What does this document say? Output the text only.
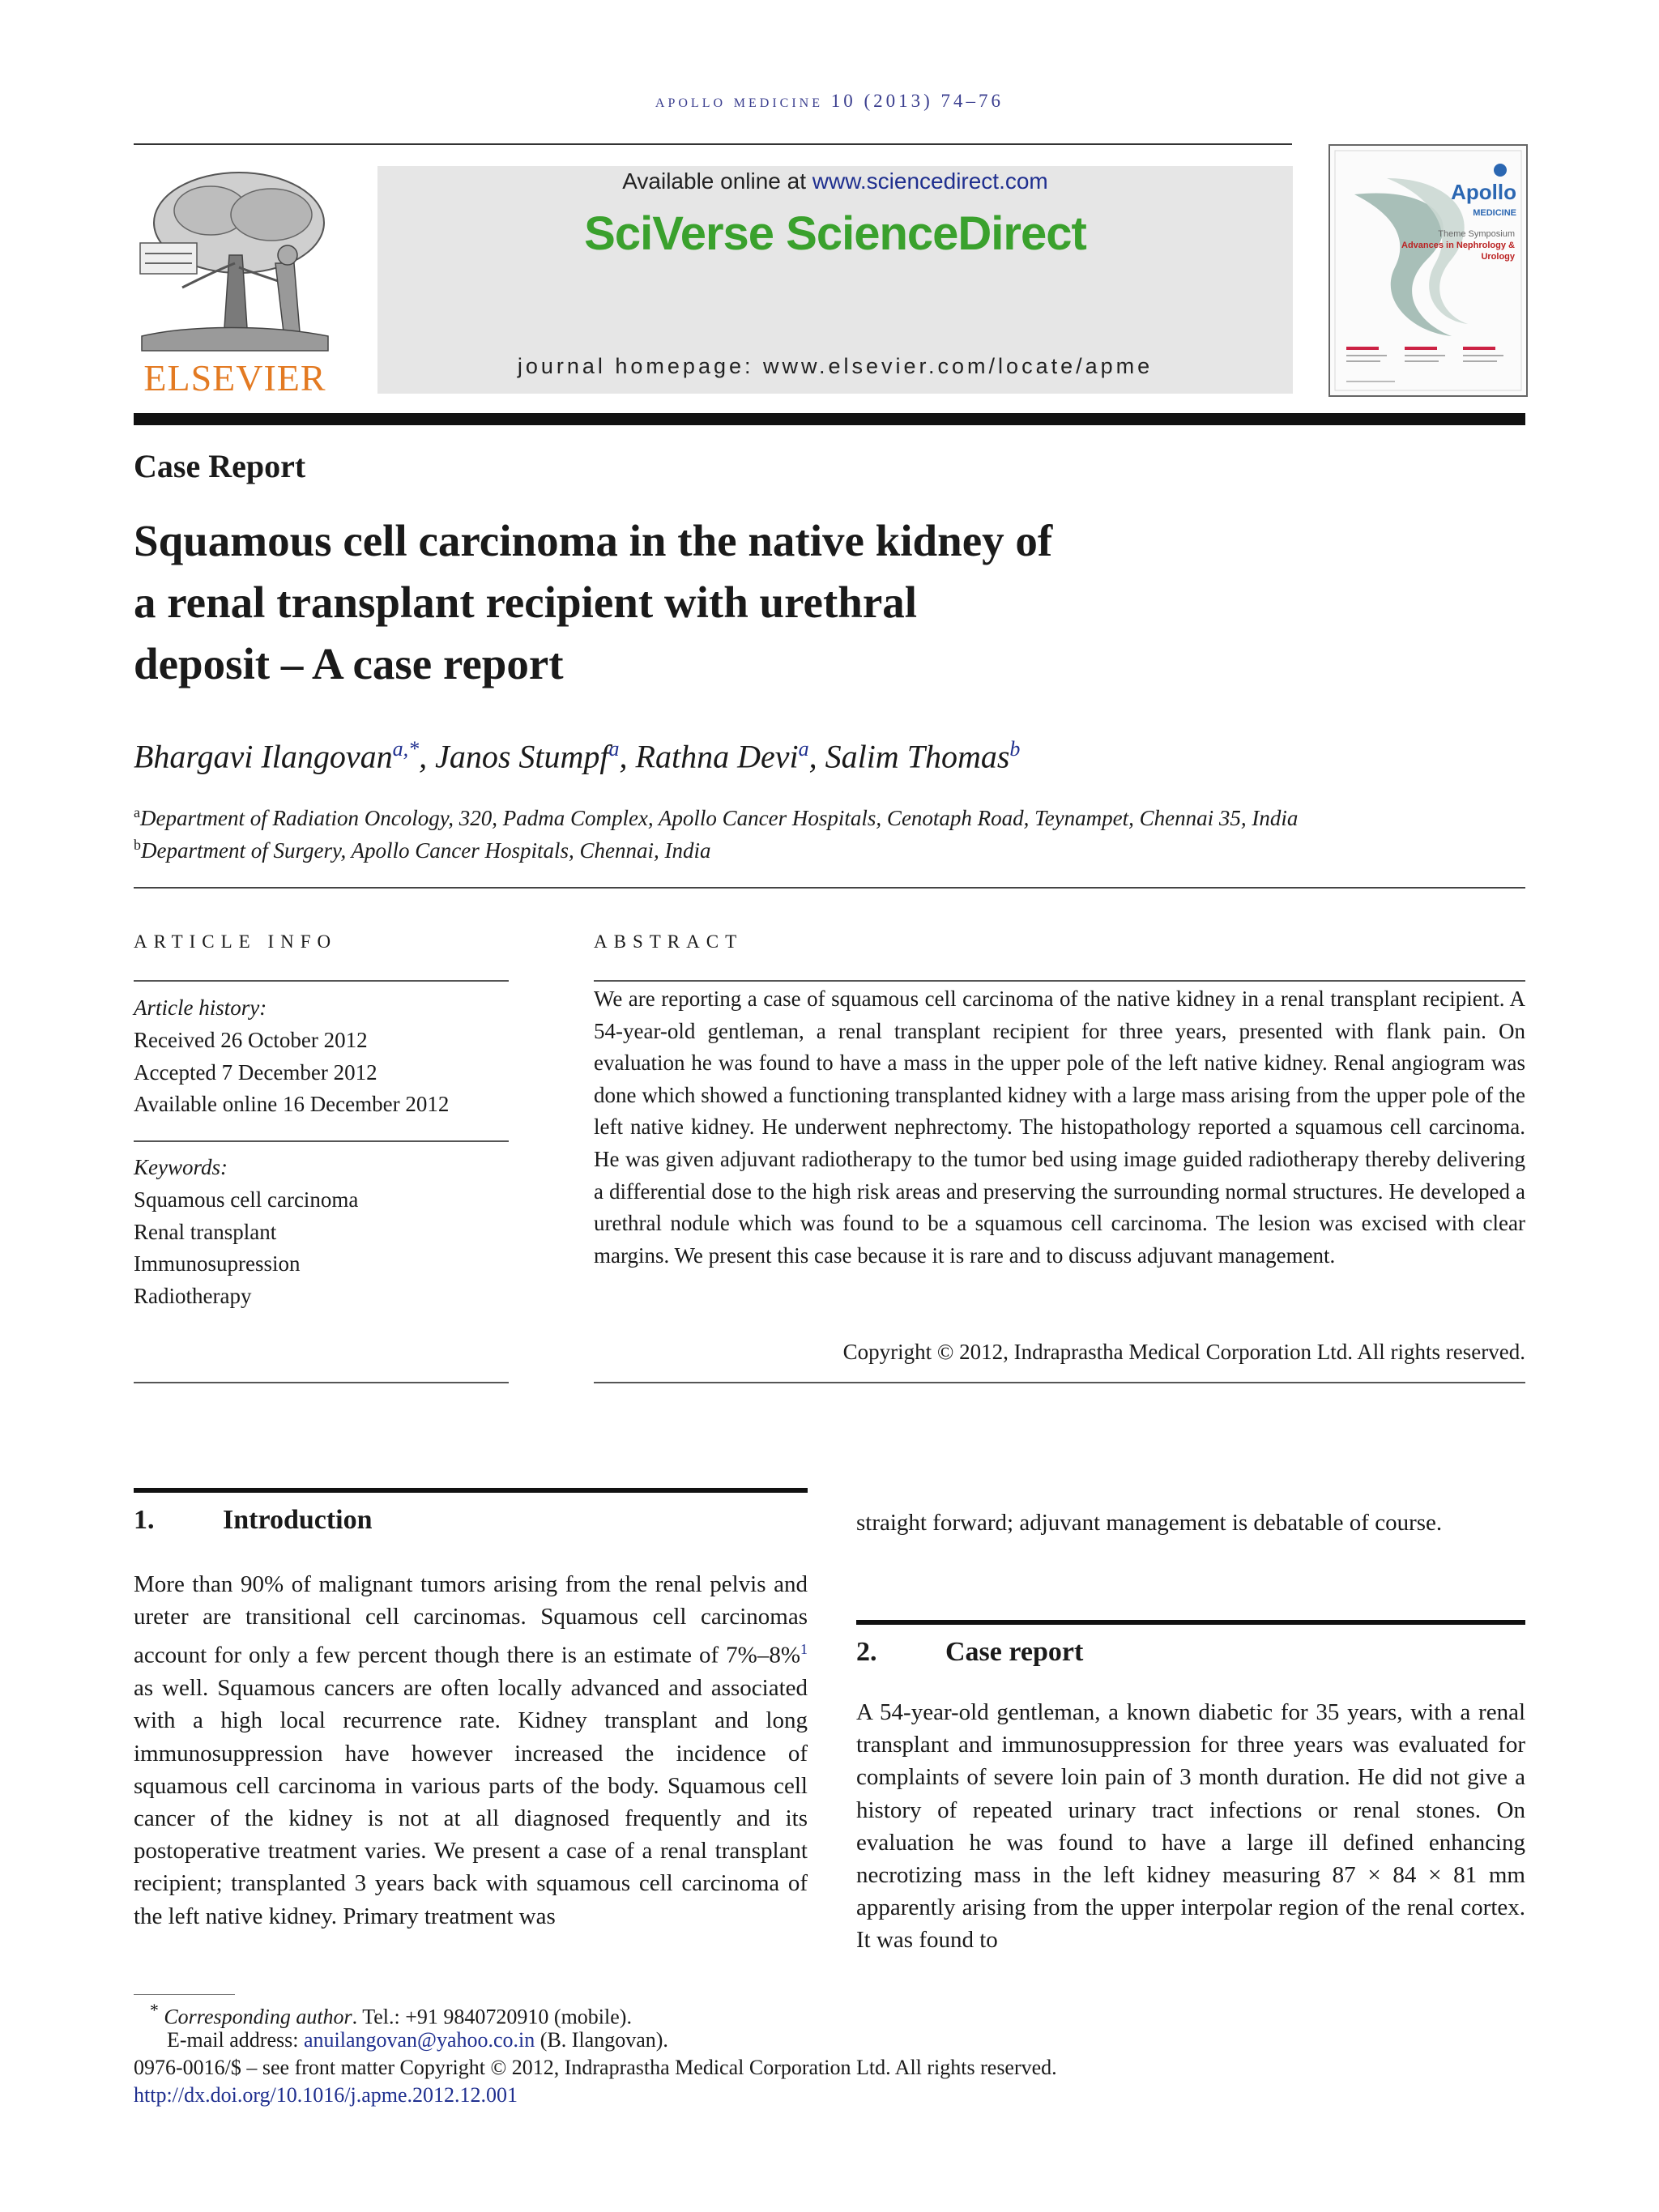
apollo medicine 10 (2013) 74–76
ELSEVIER
Available online at www.sciencedirect.com
SciVerse ScienceDirect
journal homepage: www.elsevier.com/locate/apme
Apollo
MEDICINE
Theme Symposium
Advances in Nephrology &
Urology
Case Report
Squamous cell carcinoma in the native kidney of
a renal transplant recipient with urethral
deposit – A case report
Bhargavi Ilangovan$^{a,*}$, Janos Stumpf$^a$, Rathna Devi$^a$, Salim Thomas$^b$
$^a$Department of Radiation Oncology, 320, Padma Complex, Apollo Cancer Hospitals, Cenotaph Road, Teynampet, Chennai 35, India
$^b$Department of Surgery, Apollo Cancer Hospitals, Chennai, India
ARTICLE INFO
Article history:
Received 26 October 2012
Accepted 7 December 2012
Available online 16 December 2012
Keywords:
Squamous cell carcinoma
Renal transplant
Immunosupression
Radiotherapy
ABSTRACT
We are reporting a case of squamous cell carcinoma of the native kidney in a renal transplant recipient. A 54-year-old gentleman, a renal transplant recipient for three years, presented with flank pain. On evaluation he was found to have a mass in the upper pole of the left native kidney. Renal angiogram was done which showed a functioning transplanted kidney with a large mass arising from the upper pole of the left native kidney. He underwent nephrectomy. The histopathology reported a squamous cell carcinoma. He was given adjuvant radiotherapy to the tumor bed using image guided radiotherapy thereby delivering a differential dose to the high risk areas and preserving the surrounding normal structures. He developed a urethral nodule which was found to be a squamous cell carcinoma. The lesion was excised with clear margins. We present this case because it is rare and to discuss adjuvant management.
Copyright © 2012, Indraprastha Medical Corporation Ltd. All rights reserved.
1. Introduction
More than 90% of malignant tumors arising from the renal pelvis and ureter are transitional cell carcinomas. Squamous cell carcinomas account for only a few percent though there is an estimate of 7%–8%$^1$ as well. Squamous cancers are often locally advanced and associated with a high local recurrence rate. Kidney transplant and long immunosuppression have however increased the incidence of squamous cell carcinoma in various parts of the body. Squamous cell cancer of the kidney is not at all diagnosed frequently and its postoperative treatment varies. We present a case of a renal transplant recipient; transplanted 3 years back with squamous cell carcinoma of the left native kidney. Primary treatment was
straight forward; adjuvant management is debatable of course.
2. Case report
A 54-year-old gentleman, a known diabetic for 35 years, with a renal transplant and immunosuppression for three years was evaluated for complaints of severe loin pain of 3 month duration. He did not give a history of repeated urinary tract infections or renal stones. On evaluation he was found to have a large ill defined enhancing necrotizing mass in the left kidney measuring 87 × 84 × 81 mm apparently arising from the upper interpolar region of the renal cortex. It was found to
* Corresponding author. Tel.: +91 9840720910 (mobile).
E-mail address: anuilangovan@yahoo.co.in (B. Ilangovan).
0976-0016/$ – see front matter Copyright © 2012, Indraprastha Medical Corporation Ltd. All rights reserved.
http://dx.doi.org/10.1016/j.apme.2012.12.001
